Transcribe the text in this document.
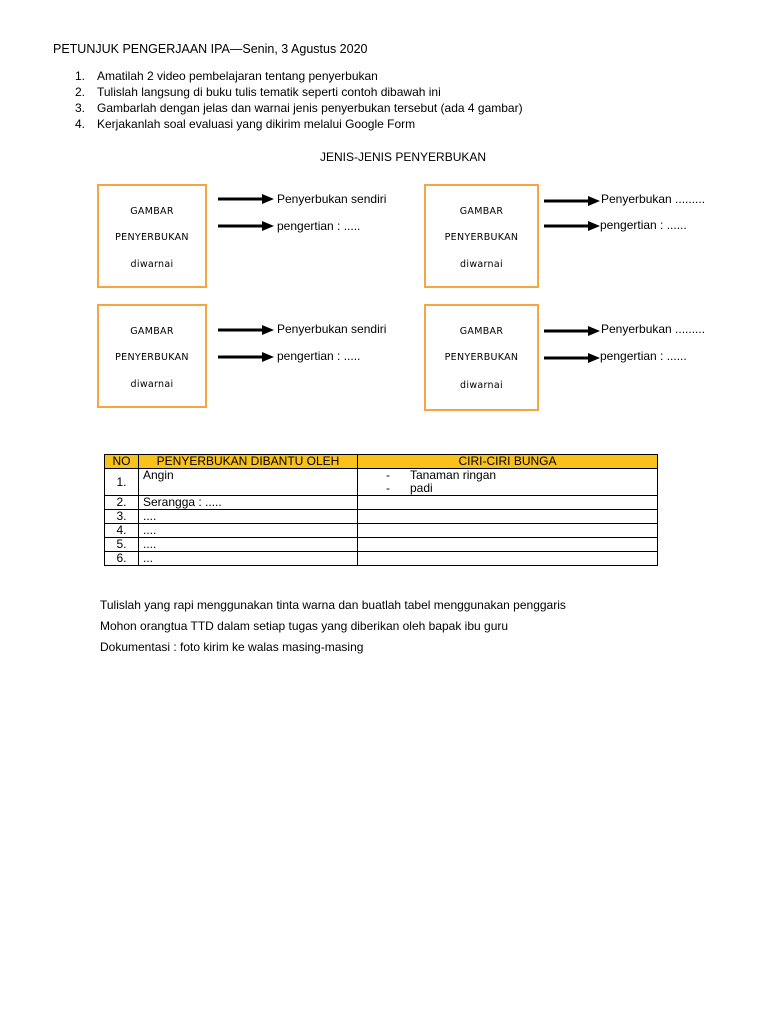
PETUNJUK PENGERJAAN IPA—Senin, 3 Agustus 2020
1. Amatilah 2 video pembelajaran tentang penyerbukan
2. Tulislah langsung di buku tulis tematik seperti contoh dibawah ini
3. Gambarlah dengan jelas dan warnai jenis penyerbukan tersebut (ada 4 gambar)
4. Kerjakanlah soal evaluasi yang dikirim melalui Google Form
JENIS-JENIS PENYERBUKAN
GAMBAR
PENYERBUKAN
diwarnai
Penyerbukan sendiri
pengertian : .....
GAMBAR
PENYERBUKAN
diwarnai
Penyerbukan .........
pengertian : ......
GAMBAR
PENYERBUKAN
diwarnai
Penyerbukan sendiri
pengertian : .....
GAMBAR
PENYERBUKAN
diwarnai
Penyerbukan .........
pengertian : ......
NO	PENYERBUKAN DIBANTU OLEH	CIRI-CIRI BUNGA
1.	Angin	- Tanaman ringan
- padi

2.	Serangga : .....	
3.	....	
4.	....	
5.	....	
6.	...	
Tulislah yang rapi menggunakan tinta warna dan buatlah tabel menggunakan penggaris
Mohon orangtua TTD dalam setiap tugas yang diberikan oleh bapak ibu guru
Dokumentasi : foto kirim ke walas masing-masing
